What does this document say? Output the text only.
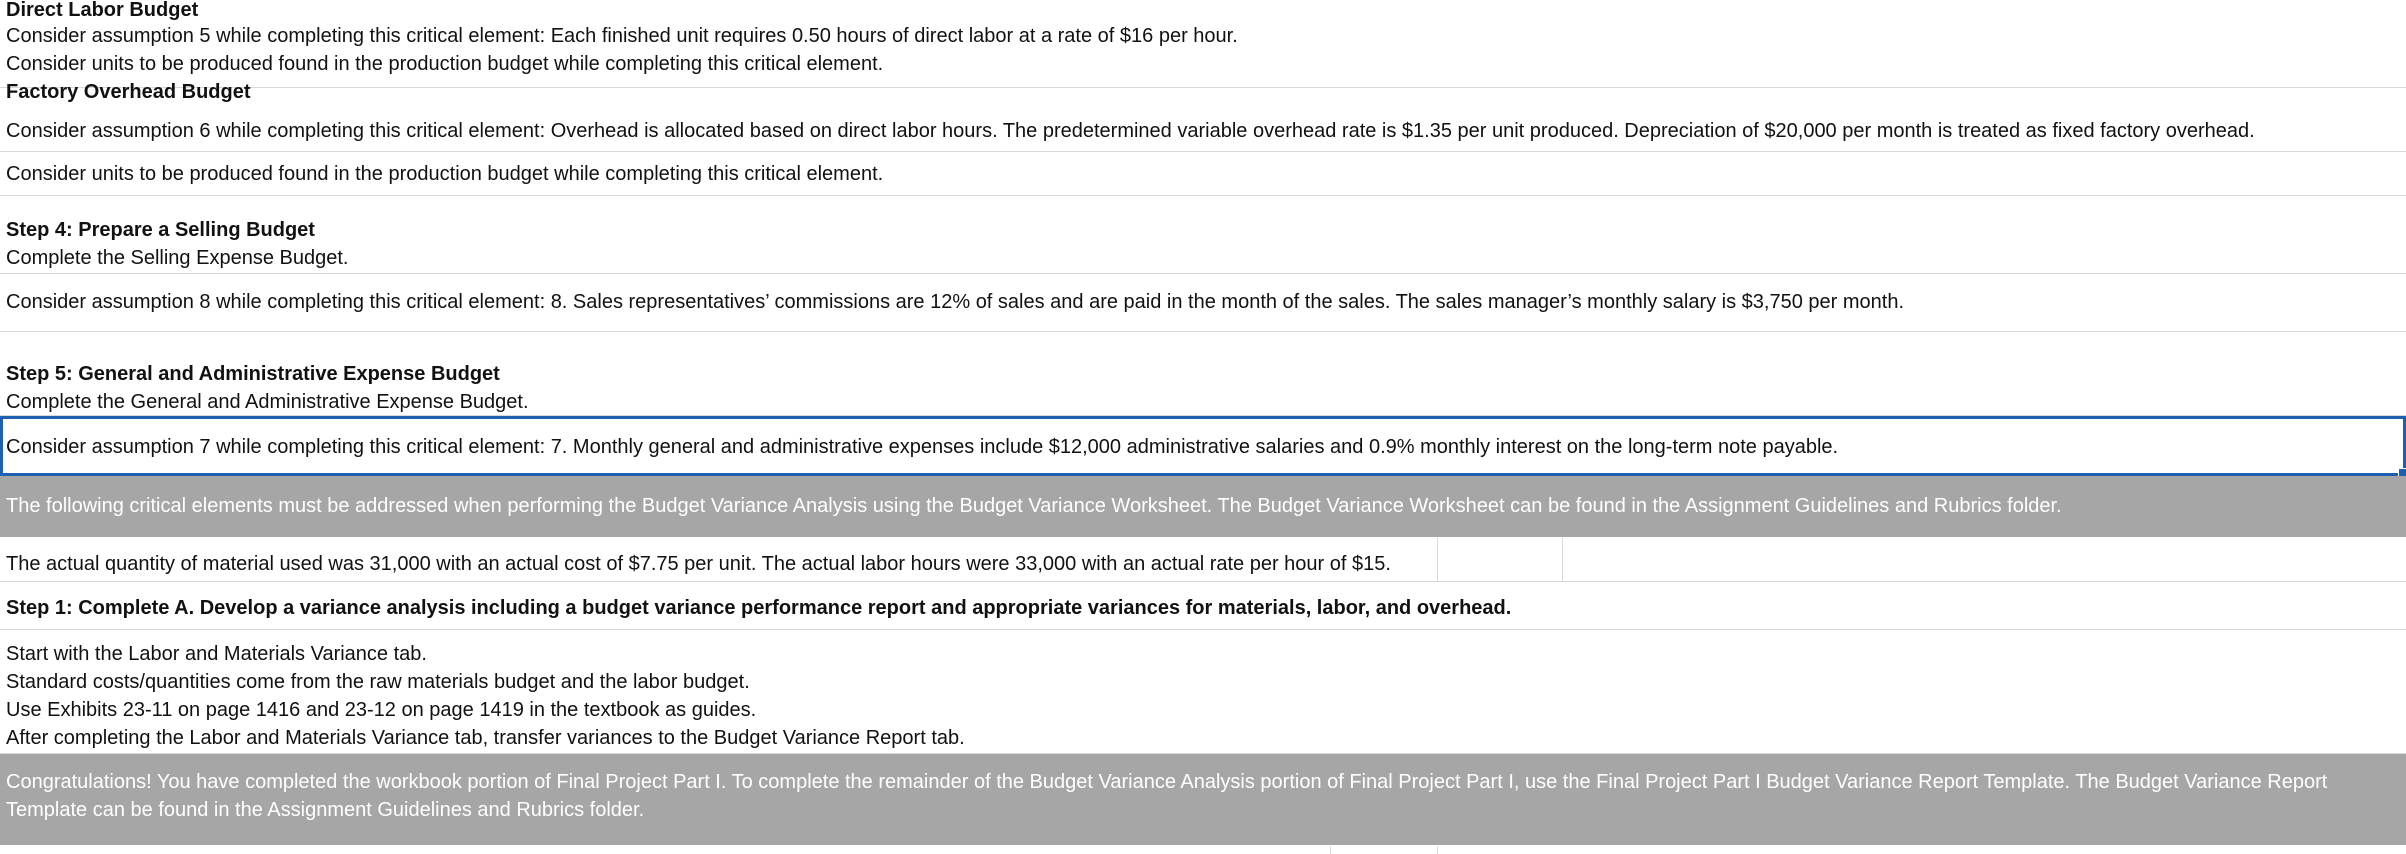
Direct Labor Budget
Consider assumption 5 while completing this critical element: Each finished unit requires 0.50 hours of direct labor at a rate of $16 per hour.
Consider units to be produced found in the production budget while completing this critical element.
Factory Overhead Budget
Consider assumption 6 while completing this critical element: Overhead is allocated based on direct labor hours. The predetermined variable overhead rate is $1.35 per unit produced. Depreciation of $20,000 per month is treated as fixed factory overhead.
Consider units to be produced found in the production budget while completing this critical element.
Step 4: Prepare a Selling Budget
Complete the Selling Expense Budget.
Consider assumption 8 while completing this critical element: 8. Sales representatives’ commissions are 12% of sales and are paid in the month of the sales. The sales manager’s monthly salary is $3,750 per month.
Step 5: General and Administrative Expense Budget
Complete the General and Administrative Expense Budget.
Consider assumption 7 while completing this critical element: 7. Monthly general and administrative expenses include $12,000 administrative salaries and 0.9% monthly interest on the long-term note payable.
The following critical elements must be addressed when performing the Budget Variance Analysis using the Budget Variance Worksheet. The Budget Variance Worksheet can be found in the Assignment Guidelines and Rubrics folder.
The actual quantity of material used was 31,000 with an actual cost of $7.75 per unit. The actual labor hours were 33,000 with an actual rate per hour of $15.
Step 1: Complete A. Develop a variance analysis including a budget variance performance report and appropriate variances for materials, labor, and overhead.
Start with the Labor and Materials Variance tab.
Standard costs/quantities come from the raw materials budget and the labor budget.
Use Exhibits 23-11 on page 1416 and 23-12 on page 1419 in the textbook as guides.
After completing the Labor and Materials Variance tab, transfer variances to the Budget Variance Report tab.
Congratulations! You have completed the workbook portion of Final Project Part I. To complete the remainder of the Budget Variance Analysis portion of Final Project Part I, use the Final Project Part I Budget Variance Report Template. The Budget Variance Report Template can be found in the Assignment Guidelines and Rubrics folder.
